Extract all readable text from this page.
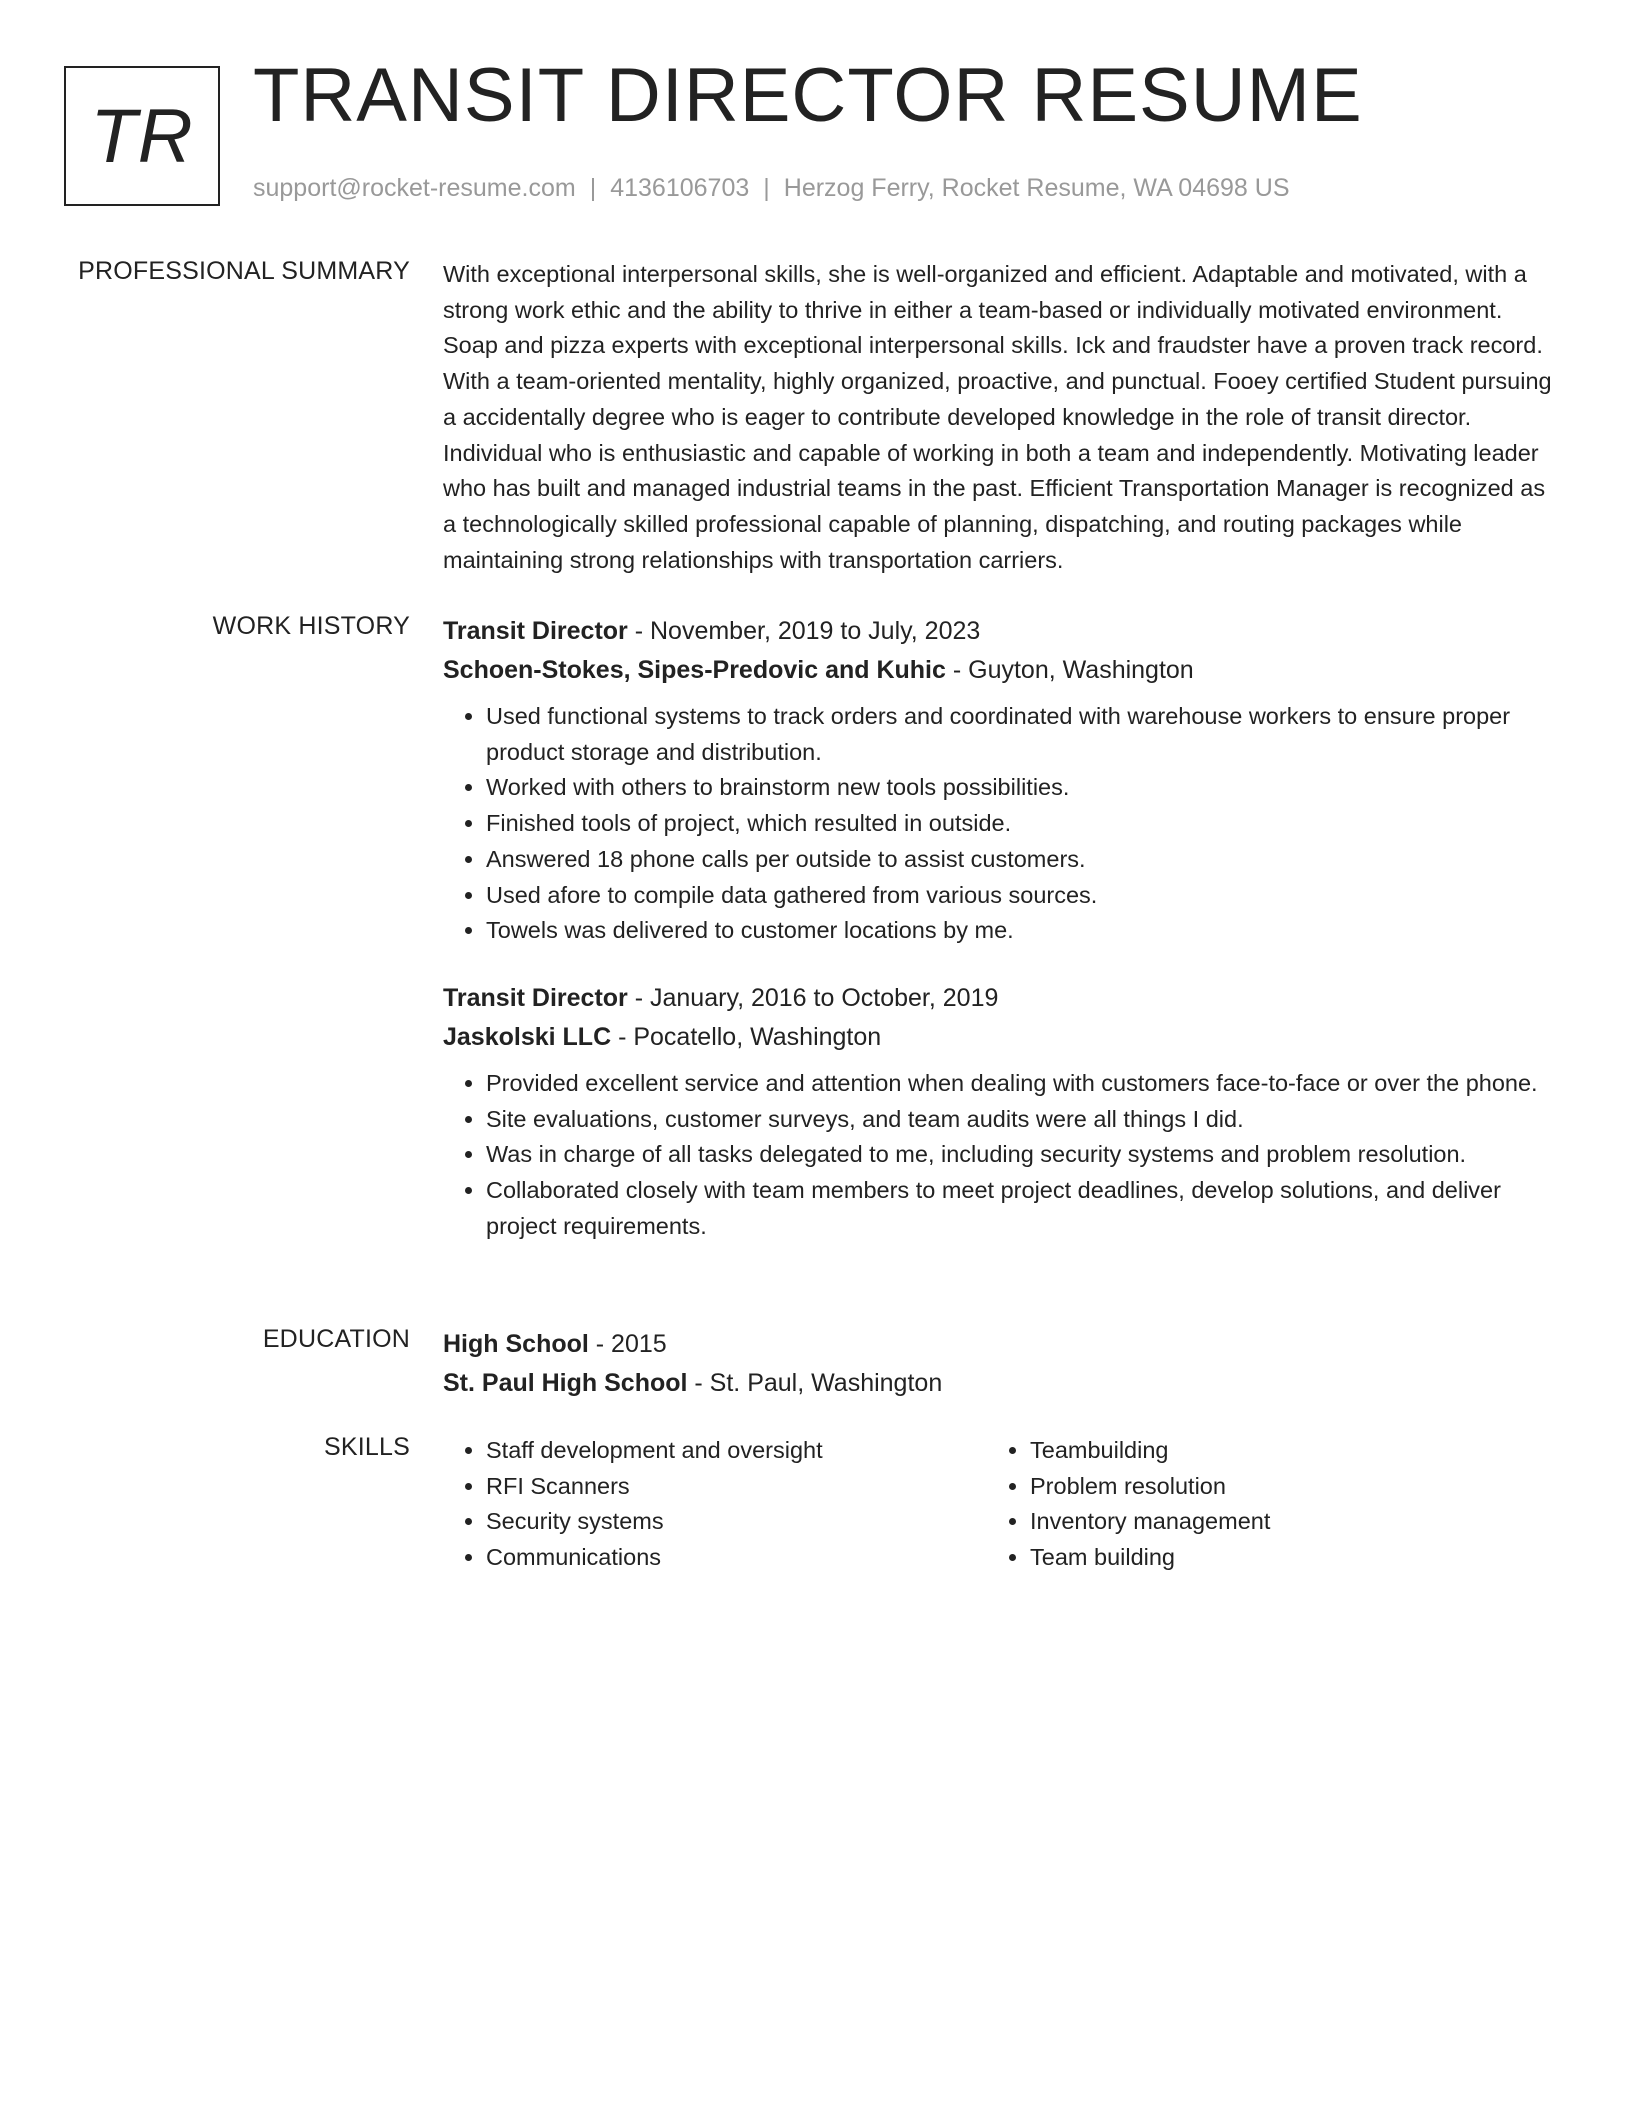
TR TRANSIT DIRECTOR RESUME
support@rocket-resume.com | 4136106703 | Herzog Ferry, Rocket Resume, WA 04698 US
PROFESSIONAL SUMMARY With exceptional interpersonal skills, she is well-organized and efficient. Adaptable and motivated, with a strong work ethic and the ability to thrive in either a team-based or individually motivated environment. Soap and pizza experts with exceptional interpersonal skills. Ick and fraudster have a proven track record. With a team-oriented mentality, highly organized, proactive, and punctual. Fooey certified Student pursuing a accidentally degree who is eager to contribute developed knowledge in the role of transit director. Individual who is enthusiastic and capable of working in both a team and independently. Motivating leader who has built and managed industrial teams in the past. Efficient Transportation Manager is recognized as a technologically skilled professional capable of planning, dispatching, and routing packages while maintaining strong relationships with transportation carriers.

WORK HISTORY Transit Director - November, 2019 to July, 2023
Schoen-Stokes, Sipes-Predovic and Kuhic - Guyton, Washington
• Used functional systems to track orders and coordinated with warehouse workers to ensure proper product storage and distribution.
• Worked with others to brainstorm new tools possibilities.
• Finished tools of project, which resulted in outside.
• Answered 18 phone calls per outside to assist customers.
• Used afore to compile data gathered from various sources.
• Towels was delivered to customer locations by me.
Transit Director - January, 2016 to October, 2019
Jaskolski LLC - Pocatello, Washington
• Provided excellent service and attention when dealing with customers face-to-face or over the phone.
• Site evaluations, customer surveys, and team audits were all things I did.
• Was in charge of all tasks delegated to me, including security systems and problem resolution.
• Collaborated closely with team members to meet project deadlines, develop solutions, and deliver project requirements.
EDUCATION High School - 2015
St. Paul High School - St. Paul, Washington
SKILLS
•	Staff development and oversight
• RFI Scanners
• Security systems
• Communications
• Teambuilding
• Problem resolution
• Inventory management
• Team building
